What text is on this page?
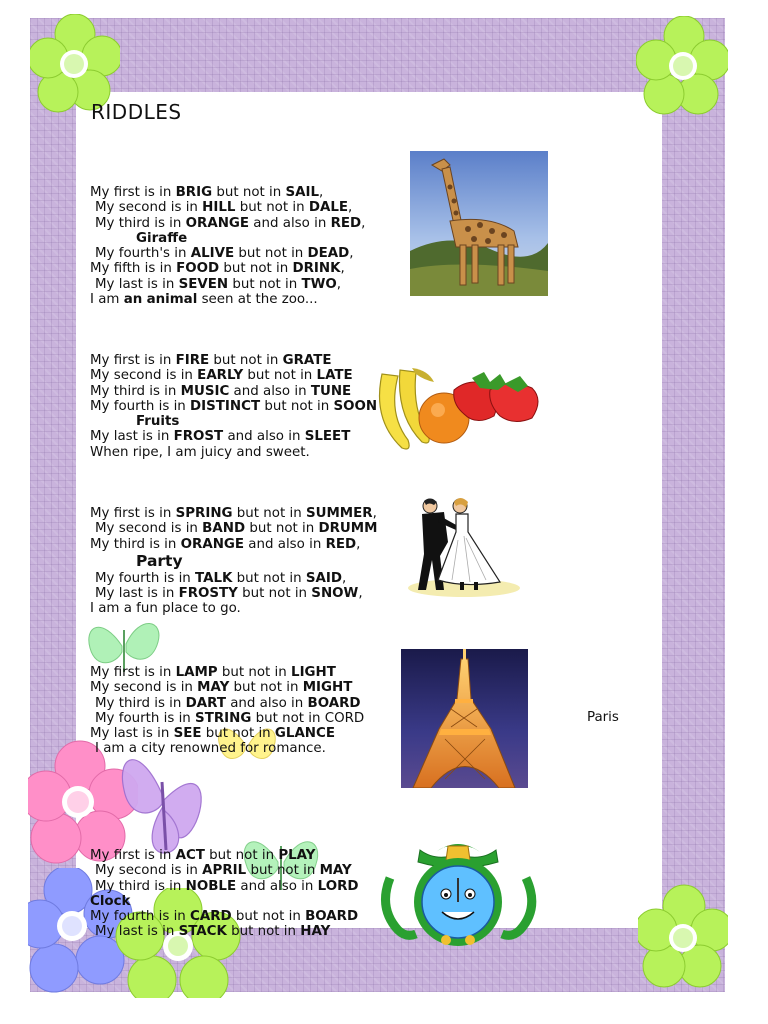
RIDDLES
My first is in BRIG but not in SAIL,
My second is in HILL but not in DALE,
My third is in ORANGE and also in RED,
Giraffe
My fourth's in ALIVE but not in DEAD,
My fifth is in FOOD but not in DRINK,
My last is in SEVEN but not in TWO,
I am an animal seen at the zoo...
My first is in FIRE but not in GRATE
My second is in EARLY but not in LATE
My third is in MUSIC and also in TUNE
My fourth is in DISTINCT but not in SOON
Fruits
My last is in FROST and also in SLEET
When ripe, I am juicy and sweet.
My first is in SPRING but not in SUMMER,
My second is in BAND but not in DRUMM
My third is in ORANGE and also in RED,
Party
My fourth is in TALK but not in SAID,
My last is in FROSTY but not in SNOW,
I am a fun place to go.
My first is in LAMP but not in LIGHT
My second is in MAY but not in MIGHT
My third is in DART and also in BOARD
My fourth is in STRING but not in CORD
My last is in SEE but not in GLANCE
I am a city renowned for romance.
My first is in ACT but not in PLAY
My second is in APRIL but not in MAY
My third is in NOBLE and also in LORD
Clock
My fourth is in CARD but not in BOARD
My last is in STACK but not in HAY
Paris
